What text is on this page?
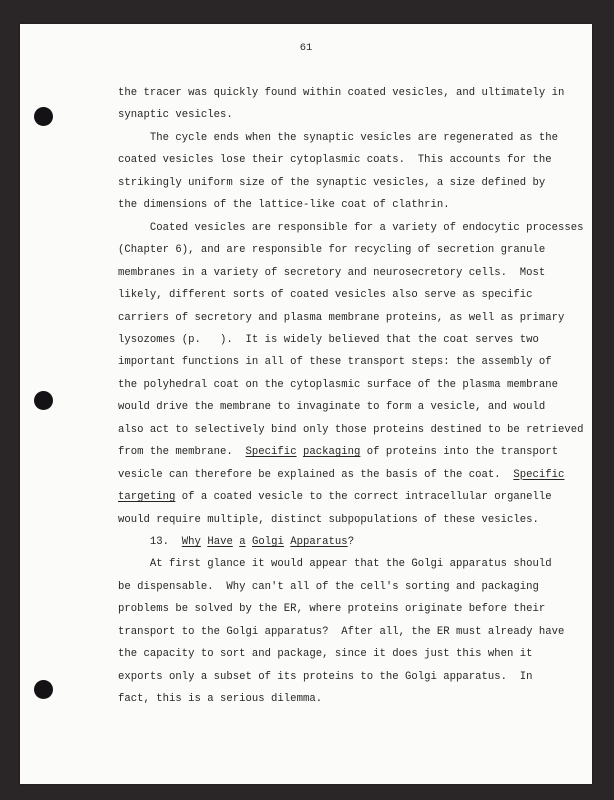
61
the tracer was quickly found within coated vesicles, and ultimately in
synaptic vesicles.
The cycle ends when the synaptic vesicles are regenerated as the
coated vesicles lose their cytoplasmic coats.  This accounts for the
strikingly uniform size of the synaptic vesicles, a size defined by
the dimensions of the lattice-like coat of clathrin.
Coated vesicles are responsible for a variety of endocytic processes
(Chapter 6), and are responsible for recycling of secretion granule
membranes in a variety of secretory and neurosecretory cells.  Most
likely, different sorts of coated vesicles also serve as specific
carriers of secretory and plasma membrane proteins, as well as primary
lysozomes (p.   ).  It is widely believed that the coat serves two
important functions in all of these transport steps: the assembly of
the polyhedral coat on the cytoplasmic surface of the plasma membrane
would drive the membrane to invaginate to form a vesicle, and would
also act to selectively bind only those proteins destined to be retrieved
from the membrane.  Specific packaging of proteins into the transport
vesicle can therefore be explained as the basis of the coat.  Specific
targeting of a coated vesicle to the correct intracellular organelle
would require multiple, distinct subpopulations of these vesicles.
13.  Why Have a Golgi Apparatus?
At first glance it would appear that the Golgi apparatus should
be dispensable.  Why can't all of the cell's sorting and packaging
problems be solved by the ER, where proteins originate before their
transport to the Golgi apparatus?  After all, the ER must already have
the capacity to sort and package, since it does just this when it
exports only a subset of its proteins to the Golgi apparatus.  In
fact, this is a serious dilemma.
